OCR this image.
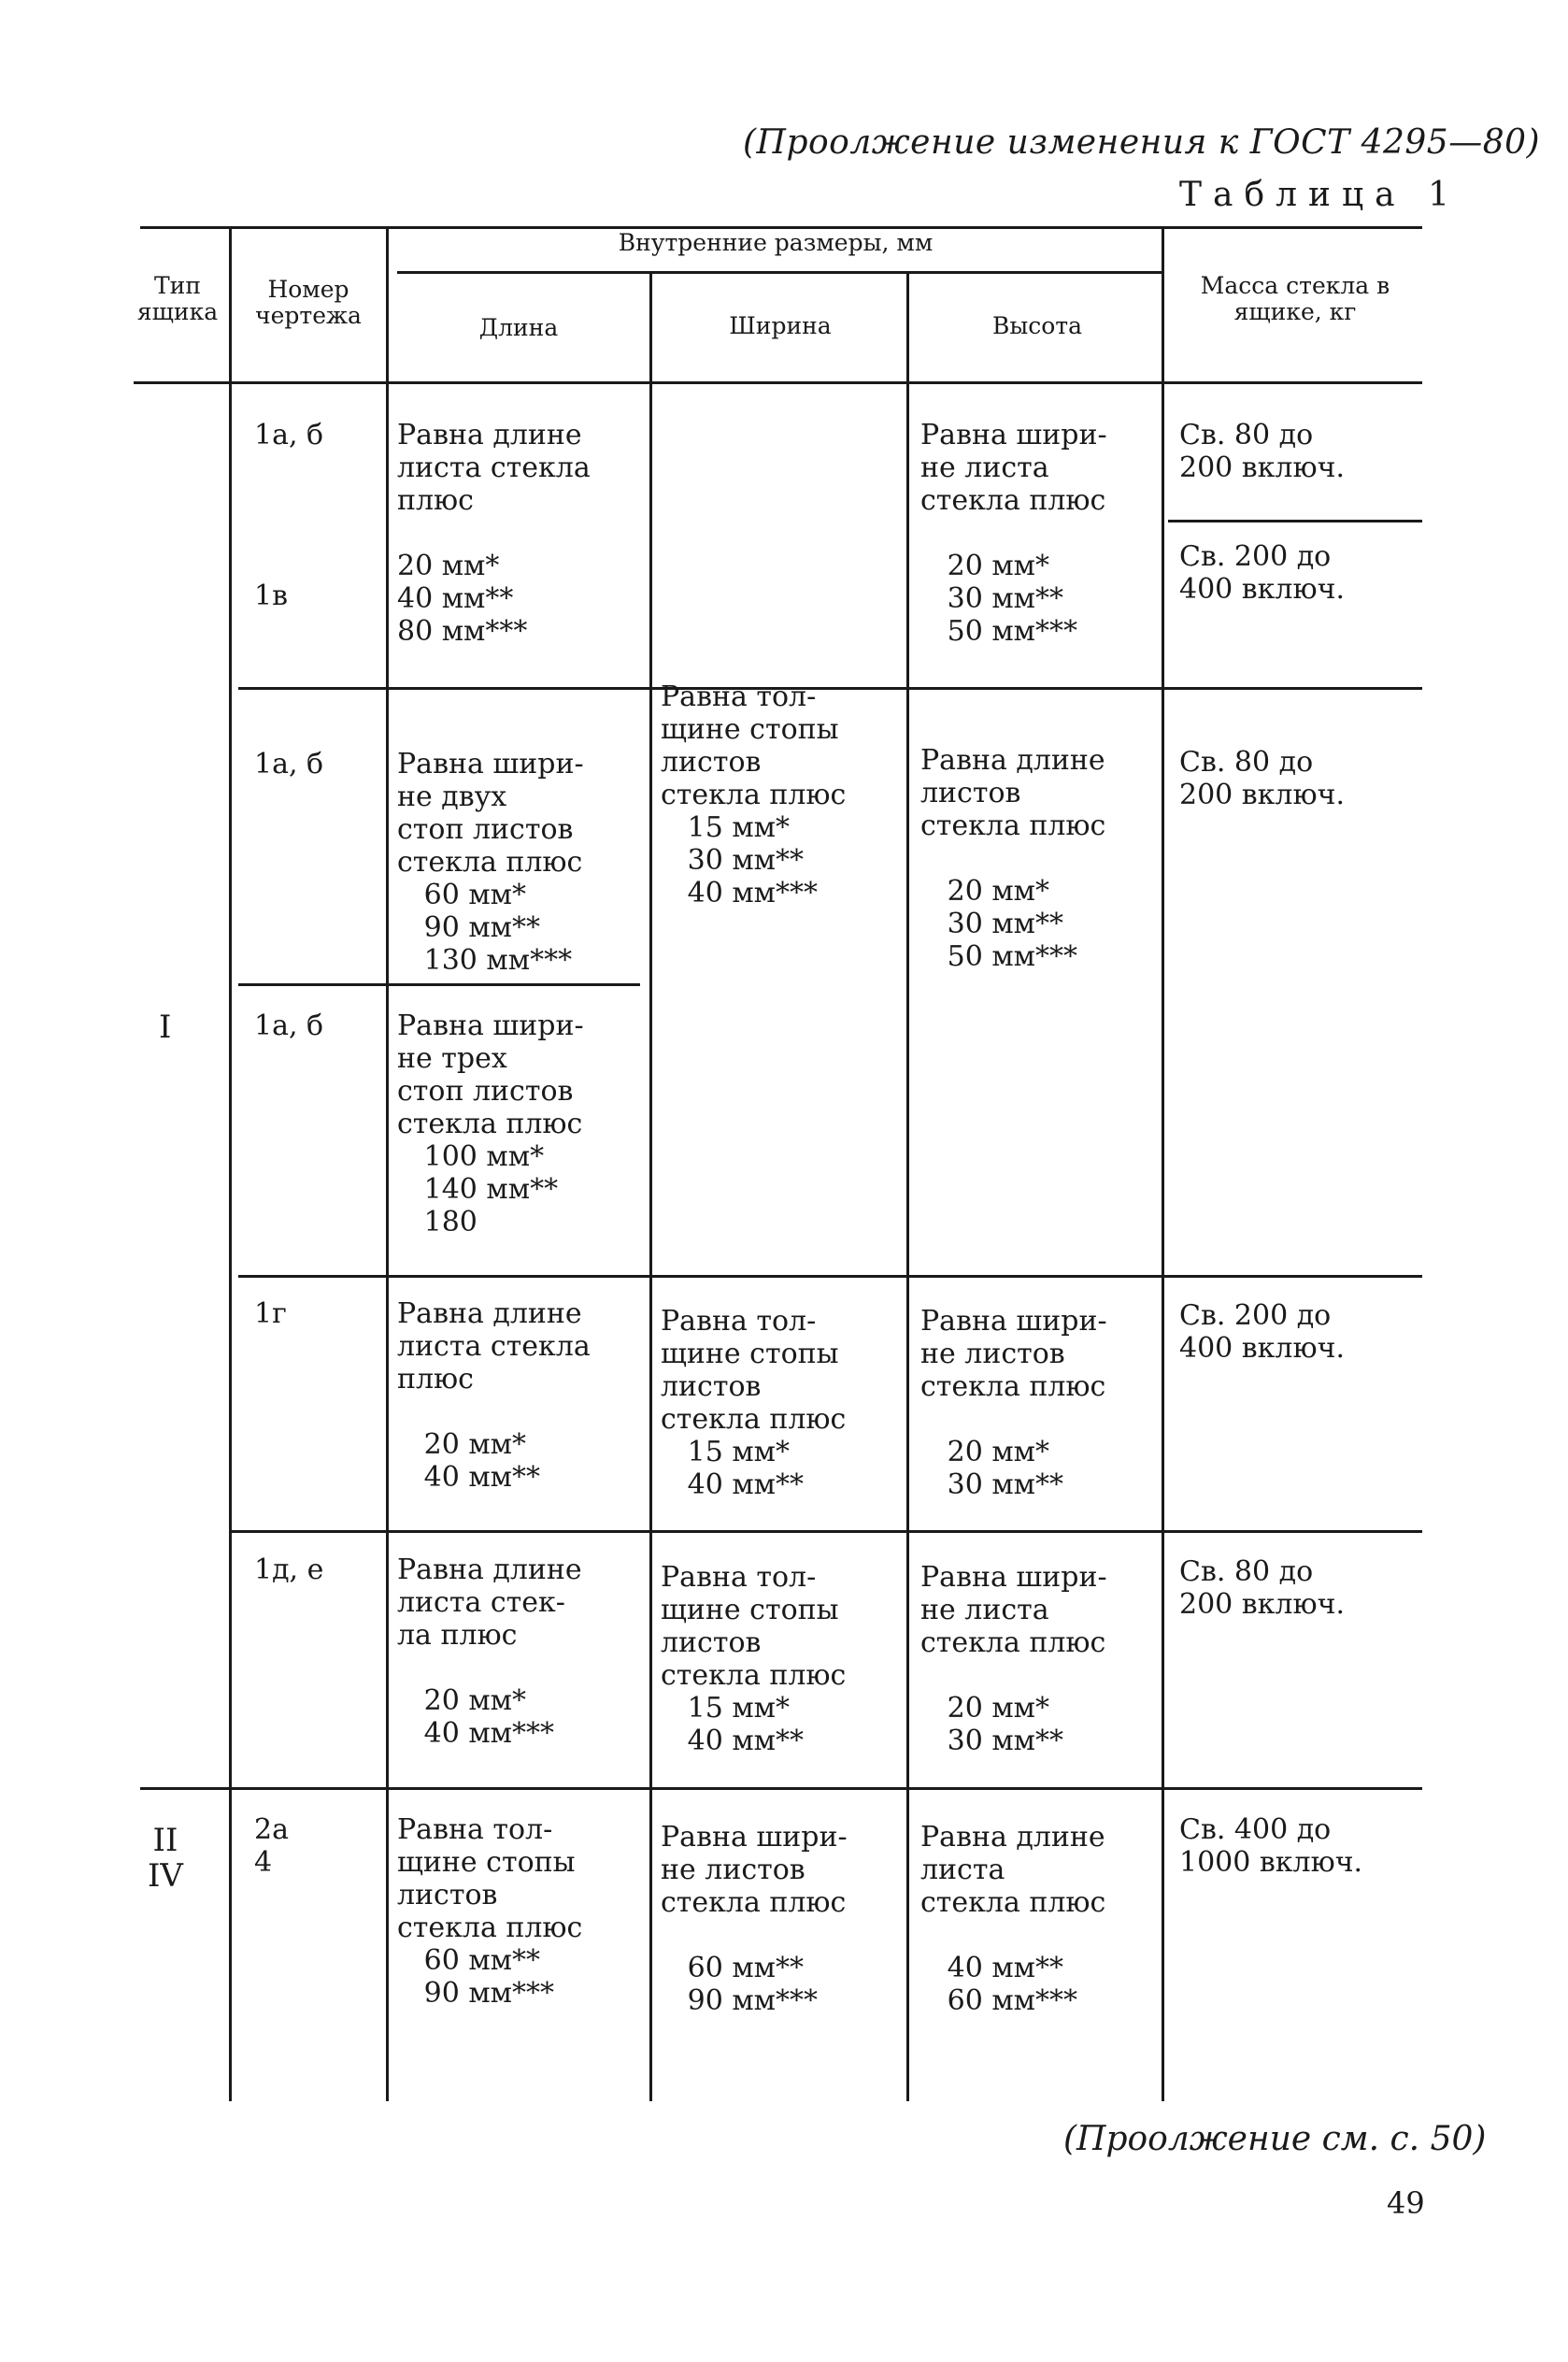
(Проолжение изменения к ГОСТ 4295—80)
Таблица 1
Тип ящика
Номер чертежа
Внутренние размеры, мм
Длина	Ширина	Высота
Масса стекла в ящике, кг
I
II
IV
1а, б
1в
1а, б
1а, б
1г
1д, е
2а
4
Равна длине
листа стекла
плюс

20 мм*
40 мм**
80 мм***
Равна шири-
не двух
стоп листов
стекла плюс
60 мм*
90 мм**
130 мм***
Равна шири-
не трех
стоп листов
стекла плюс
100 мм*
140 мм**
180
Равна длине
листа стекла
плюс

20 мм*
40 мм**
Равна длине
листа стек-
ла плюс

20 мм*
40 мм***
Равна тол-
щине стопы
листов
стекла плюс
60 мм**
90 мм***
Равна тол-
щине стопы
листов
стекла плюс
15 мм*
30 мм**
40 мм***
Равна тол-
щине стопы
листов
стекла плюс
15 мм*
40 мм**
Равна тол-
щине стопы
листов
стекла плюс
15 мм*
40 мм**
Равна шири-
не листов
стекла плюс

60 мм**
90 мм***
Равна шири-
не листа
стекла плюс

20 мм*
30 мм**
50 мм***
Равна длине
листов
стекла плюс

20 мм*
30 мм**
50 мм***
Равна шири-
не листов
стекла плюс

20 мм*
30 мм**
Равна шири-
не листа
стекла плюс

20 мм*
30 мм**
Равна длине
листа
стекла плюс

40 мм**
60 мм***
Св. 80 до
200 включ.
Св. 200 до
400 включ.
Св. 80 до
200 включ.
Св. 200 до
400 включ.
Св. 80 до
200 включ.
Св. 400 до
1000 включ.
(Проолжение см. с. 50)
49
